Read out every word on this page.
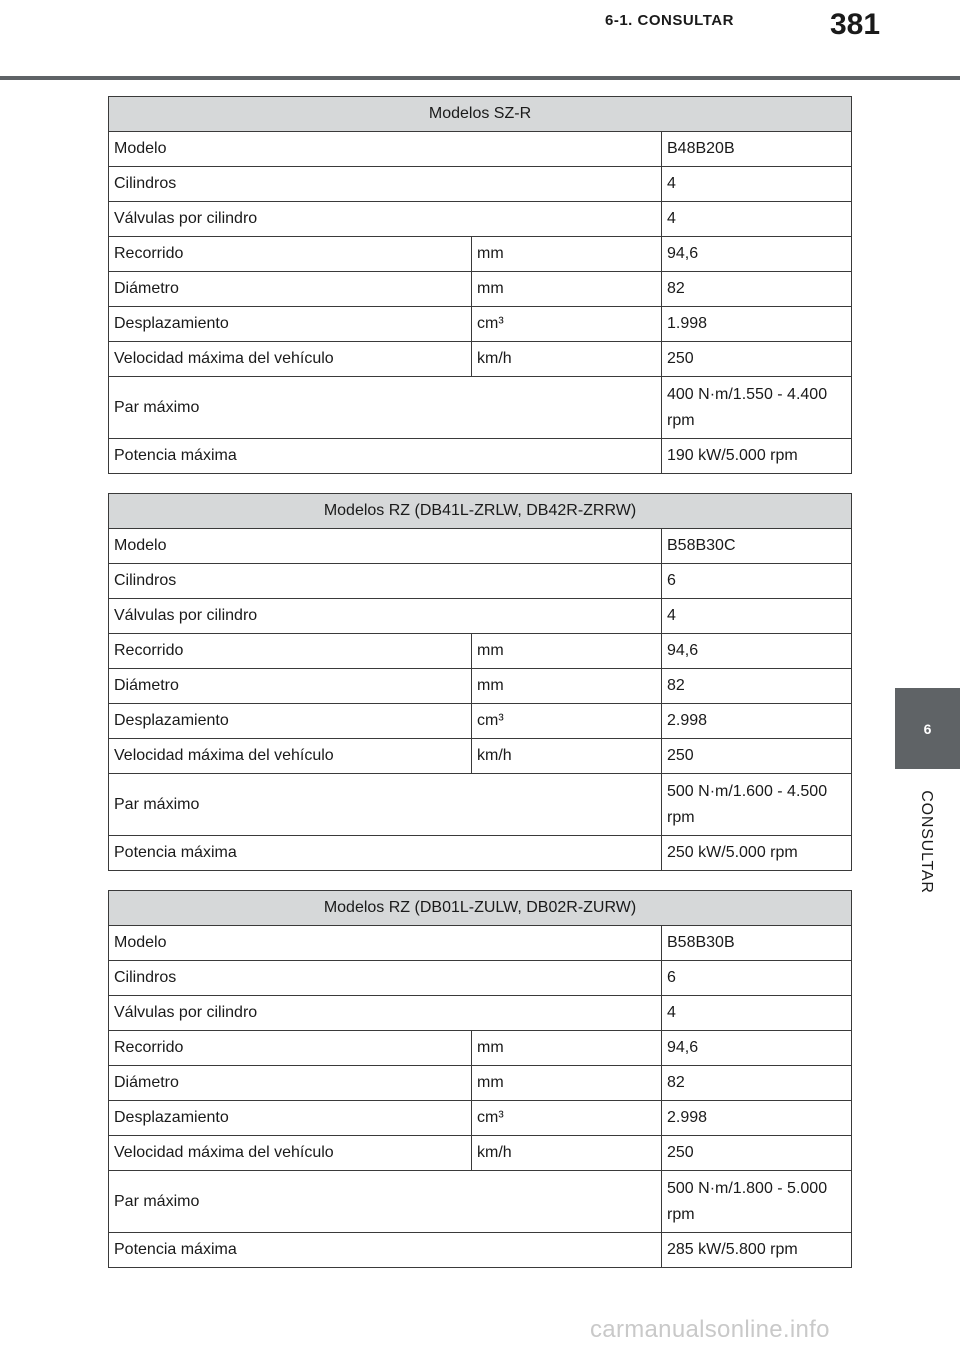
6-1. CONSULTAR	381
6
CONSULTAR
Modelos SZ-R		
Modelo		B48B20B
Cilindros		4
Válvulas por cilindro		4
Recorrido	mm	94,6
Diámetro	mm	82
Desplazamiento	cm³	1.998
Velocidad máxima del vehículo	km/h	250
Par máximo		400 N·m/1.550 - 4.400 rpm
Potencia máxima		190 kW/5.000 rpm
Modelos RZ (DB41L-ZRLW, DB42R-ZRRW)		
Modelo		B58B30C
Cilindros		6
Válvulas por cilindro		4
Recorrido	mm	94,6
Diámetro	mm	82
Desplazamiento	cm³	2.998
Velocidad máxima del vehículo	km/h	250
Par máximo		500 N·m/1.600 - 4.500 rpm
Potencia máxima		250 kW/5.000 rpm
Modelos RZ (DB01L-ZULW, DB02R-ZURW)		
Modelo		B58B30B
Cilindros		6
Válvulas por cilindro		4
Recorrido	mm	94,6
Diámetro	mm	82
Desplazamiento	cm³	2.998
Velocidad máxima del vehículo	km/h	250
Par máximo		500 N·m/1.800 - 5.000 rpm
Potencia máxima		285 kW/5.800 rpm
carmanualsonline.info
